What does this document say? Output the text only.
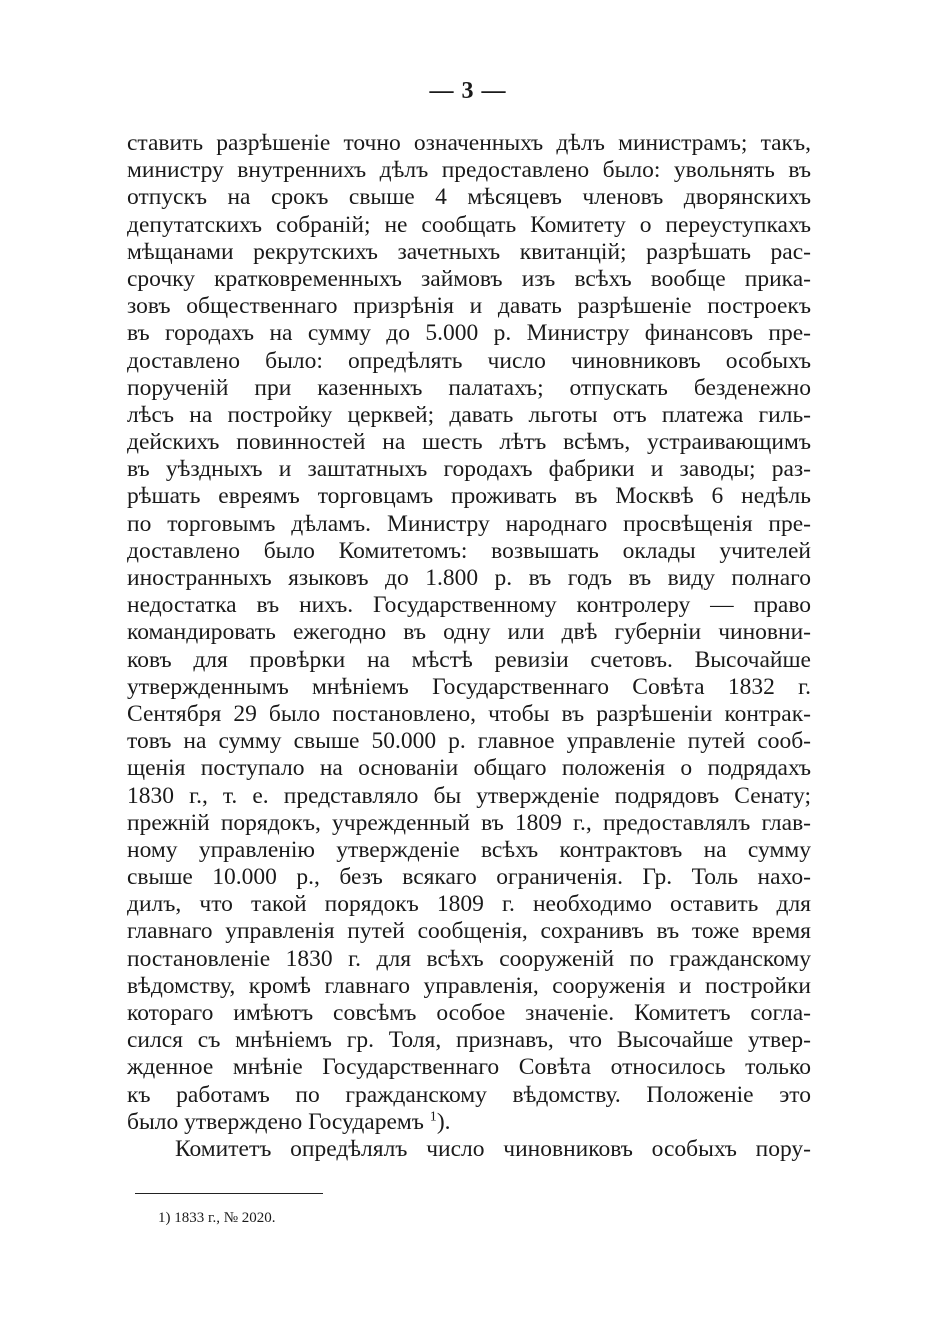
— 3 —
ставить разрѣшеніе точно означенныхъ дѣлъ министрамъ; такъ,
министру внутреннихъ дѣлъ предоставлено было: увольнять въ
отпускъ на срокъ свыше 4 мѣсяцевъ членовъ дворянскихъ
депутатскихъ собраній; не сообщать Комитету о переуступкахъ
мѣщанами рекрутскихъ зачетныхъ квитанцій; разрѣшать рас-
срочку кратковременныхъ займовъ изъ всѣхъ вообще прика-
зовъ общественнаго призрѣнія и давать разрѣшеніе построекъ
въ городахъ на сумму до 5.000 р. Министру финансовъ пре-
доставлено было: опредѣлять число чиновниковъ особыхъ
порученій при казенныхъ палатахъ; отпускать безденежно
лѣсъ на постройку церквей; давать льготы отъ платежа гиль-
дейскихъ повинностей на шесть лѣтъ всѣмъ, устраивающимъ
въ уѣздныхъ и заштатныхъ городахъ фабрики и заводы; раз-
рѣшать евреямъ торговцамъ проживать въ Москвѣ 6 недѣль
по торговымъ дѣламъ. Министру народнаго просвѣщенія пре-
доставлено было Комитетомъ: возвышать оклады учителей
иностранныхъ языковъ до 1.800 р. въ годъ въ виду полнаго
недостатка въ нихъ. Государственному контролеру — право
командировать ежегодно въ одну или двѣ губерніи чиновни-
ковъ для провѣрки на мѣстѣ ревизіи счетовъ. Высочайше
утвержденнымъ мнѣніемъ Государственнаго Совѣта 1832 г.
Сентября 29 было постановлено, чтобы въ разрѣшеніи контрак-
товъ на сумму свыше 50.000 р. главное управленіе путей сооб-
щенія поступало на основаніи общаго положенія о подрядахъ
1830 г., т. е. представляло бы утвержденіе подрядовъ Сенату;
прежній порядокъ, учрежденный въ 1809 г., предоставлялъ глав-
ному управленію утвержденіе всѣхъ контрактовъ на сумму
свыше 10.000 р., безъ всякаго ограниченія. Гр. Толь нахо-
дилъ, что такой порядокъ 1809 г. необходимо оставить для
главнаго управленія путей сообщенія, сохранивъ въ тоже время
постановленіе 1830 г. для всѣхъ сооруженій по гражданскому
вѣдомству, кромѣ главнаго управленія, сооруженія и постройки
котораго имѣютъ совсѣмъ особое значеніе. Комитетъ согла-
сился съ мнѣніемъ гр. Толя, признавъ, что Высочайше утвер-
жденное мнѣніе Государственнаго Совѣта относилось только
къ работамъ по гражданскому вѣдомству. Положеніе это
было утверждено Государемъ $^1$).
Комитетъ опредѣлялъ число чиновниковъ особыхъ пору-
1) 1833 г., № 2020.
